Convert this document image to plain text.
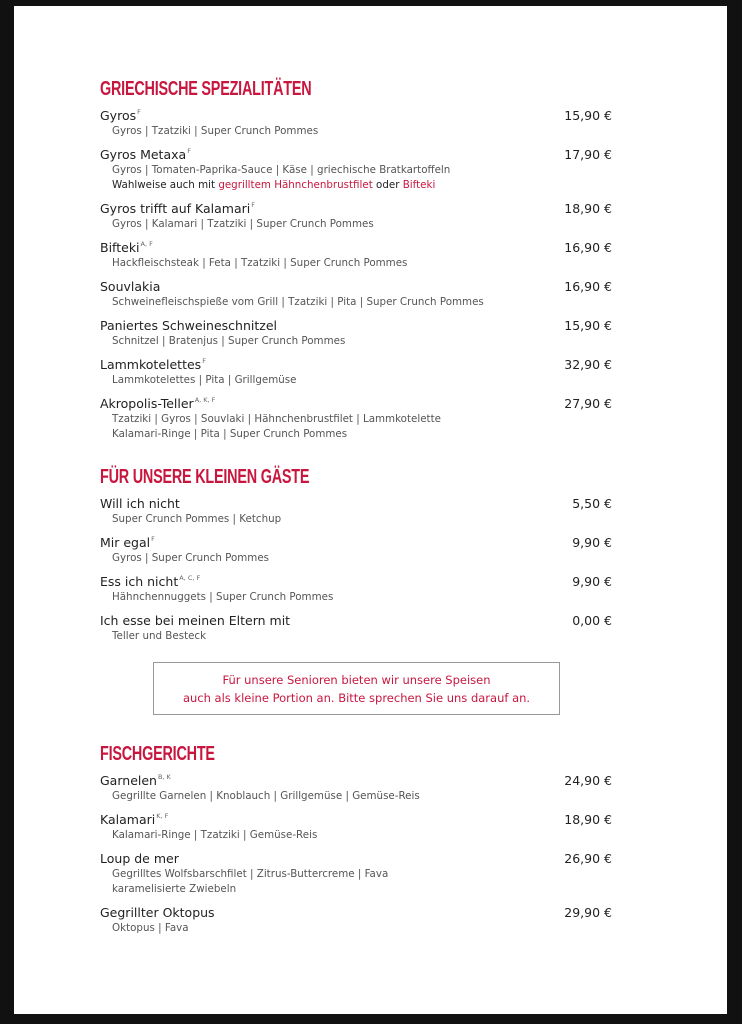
GRIECHISCHE SPEZIALITÄTEN
Gyros$^F$	15,90 €
Gyros | Tzatziki | Super Crunch Pommes
Gyros Metaxa$^F$	17,90 €
Gyros | Tomaten-Paprika-Sauce | Käse | griechische Bratkartoffeln
Wahlweise auch mit gegrilltem Hähnchenbrustfilet oder Bifteki
Gyros trifft auf Kalamari$^F$	18,90 €
Gyros | Kalamari | Tzatziki | Super Crunch Pommes
Bifteki$^{A, F}$	16,90 €
Hackfleischsteak | Feta | Tzatziki | Super Crunch Pommes
Souvlakia	16,90 €
Schweinefleischspieße vom Grill | Tzatziki | Pita | Super Crunch Pommes
Paniertes Schweineschnitzel	15,90 €
Schnitzel | Bratenjus | Super Crunch Pommes
Lammkotelettes$^F$	32,90 €
Lammkotelettes | Pita | Grillgemüse
Akropolis-Teller$^{A, K, F}$	27,90 €
Tzatziki | Gyros | Souvlaki | Hähnchenbrustfilet | Lammkotelette
Kalamari-Ringe | Pita | Super Crunch Pommes
FÜR UNSERE KLEINEN GÄSTE
Will ich nicht	5,50 €
Super Crunch Pommes | Ketchup
Mir egal$^F$	9,90 €
Gyros | Super Crunch Pommes
Ess ich nicht$^{A, C, F}$	9,90 €
Hähnchennuggets | Super Crunch Pommes
Ich esse bei meinen Eltern mit	0,00 €
Teller und Besteck
Für unsere Senioren bieten wir unsere Speisen
auch als kleine Portion an. Bitte sprechen Sie uns darauf an.
FISCHGERICHTE
Garnelen$^{B, K}$	24,90 €
Gegrillte Garnelen | Knoblauch | Grillgemüse | Gemüse-Reis
Kalamari$^{K, F}$	18,90 €
Kalamari-Ringe | Tzatziki | Gemüse-Reis
Loup de mer	26,90 €
Gegrilltes Wolfsbarschfilet | Zitrus-Buttercreme | Fava
karamelisierte Zwiebeln
Gegrillter Oktopus	29,90 €
Oktopus | Fava
